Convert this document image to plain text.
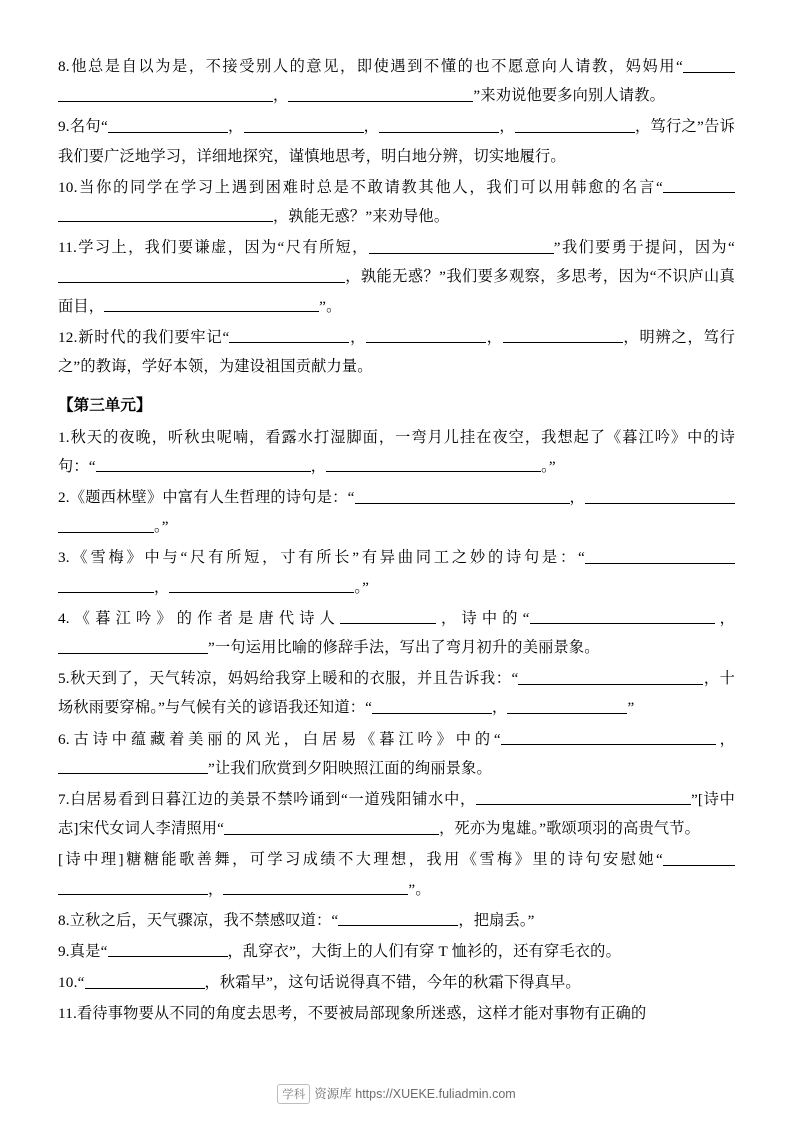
8.他总是自以为是，不接受别人的意见，即使遇到不懂的也不愿意向人请教，妈妈用“，	”来劝说他要多向别人请教。
9.名句“	，	，	，	，笃行之”告诉我们要广泛地学习，详细地探究，谨慎地思考，明白地分辨，切实地履行。
10.当你的同学在学习上遇到困难时总是不敢请教其他人，我们可以用韩愈的名言“，孰能无惑？”来劝导他。
11.学习上，我们要谦虚，因为“尺有所短，	”我们要勇于提问，因为“，孰能无惑？”我们要多观察，多思考，因为“不识庐山真面目，	”。
12.新时代的我们要牢记“	，	，	，明辨之，笃行之”的教诲，学好本领，为建设祖国贡献力量。
【第三单元】
1.秋天的夜晚，听秋虫呢喃，看露水打湿脚面，一弯月儿挂在夜空，我想起了《暮江吟》中的诗句：“	，	。”
2.《题西林壁》中富有人生哲理的诗句是：“	，。”
3.《雪梅》中与“尺有所短，寸有所长”有异曲同工之妙的诗句是：“，	。”
4.《暮江吟》的作者是唐代诗人	，诗中的“	，”一句运用比喻的修辞手法，写出了弯月初升的美丽景象。
5.秋天到了，天气转凉，妈妈给我穿上暖和的衣服，并且告诉我：“	，十场秋雨要穿棉。”与气候有关的谚语我还知道：“	，	”
6.古诗中蕴藏着美丽的风光，白居易《暮江吟》中的“	，”让我们欣赏到夕阳映照江面的绚丽景象。
7.白居易看到日暮江边的美景不禁吟诵到“一道残阳铺水中，	”[诗中志]宋代女词人李清照用“	，死亦为鬼雄。”歌颂项羽的高贵气节。
[诗中理]糖糖能歌善舞，可学习成绩不大理想，我用《雪梅》里的诗句安慰她“，	”。
8.立秋之后，天气骤凉，我不禁感叹道：“	，把扇丢。”
9.真是“	，乱穿衣”，大街上的人们有穿 T 恤衫的，还有穿毛衣的。
10.“	，秋霜早”，这句话说得真不错，今年的秋霜下得真早。
11.看待事物要从不同的角度去思考，不要被局部现象所迷惑，这样才能对事物有正确的
学科 资源库 https://XUEKE.fuliadmin.com
